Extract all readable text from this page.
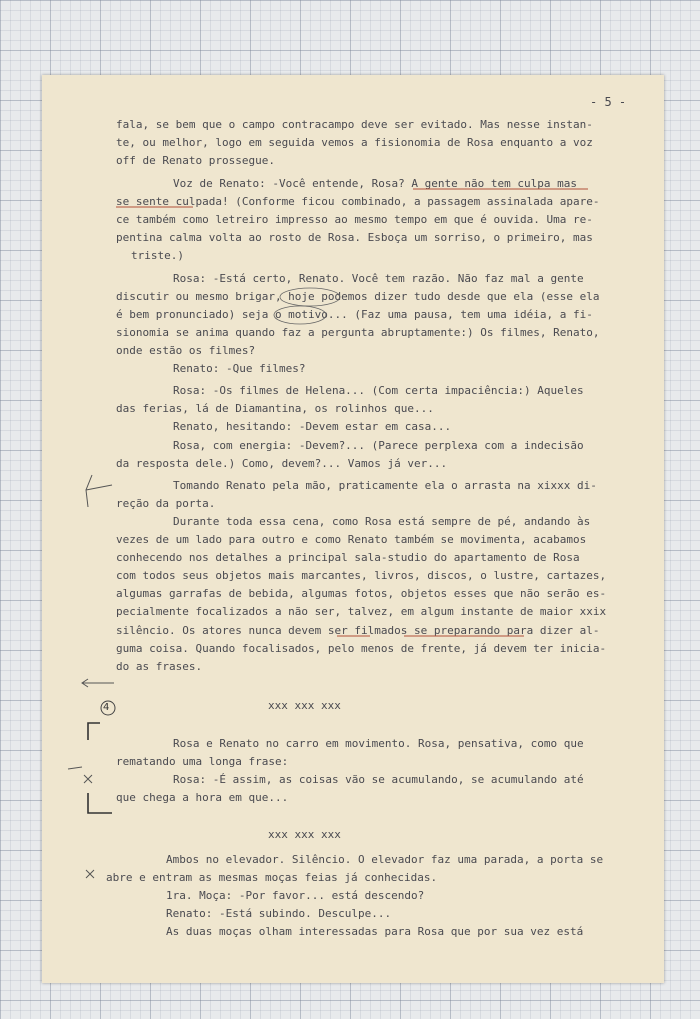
- 5 -
fala, se bem que o campo contracampo deve ser evitado. Mas nesse instan-
te, ou melhor, logo em seguida vemos a fisionomia de Rosa enquanto a voz
off de Renato prossegue.
Voz de Renato: -Você entende, Rosa? A gente não tem culpa mas
se sente culpada! (Conforme ficou combinado, a passagem assinalada apare-
ce também como letreiro impresso ao mesmo tempo em que é ouvida. Uma re-
pentina calma volta ao rosto de Rosa. Esboça um sorriso, o primeiro, mas
triste.)
Rosa: -Está certo, Renato. Você tem razão. Não faz mal a gente
discutir ou mesmo brigar, hoje podemos dizer tudo desde que ela (esse ela
é bem pronunciado) seja o motivo... (Faz uma pausa, tem uma idéia, a fi-
sionomia se anima quando faz a pergunta abruptamente:) Os filmes, Renato,
onde estão os filmes?
Renato: -Que filmes?
Rosa: -Os filmes de Helena... (Com certa impaciência:) Aqueles
das ferias, lá de Diamantina, os rolinhos que...
Renato, hesitando: -Devem estar em casa...
Rosa, com energia: -Devem?... (Parece perplexa com a indecisão
da resposta dele.) Como, devem?... Vamos já ver...
Tomando Renato pela mão, praticamente ela o arrasta na xixxx di-
reção da porta.
Durante toda essa cena, como Rosa está sempre de pé, andando às
vezes de um lado para outro e como Renato também se movimenta, acabamos
conhecendo nos detalhes a principal sala-studio do apartamento de Rosa
com todos seus objetos mais marcantes, livros, discos, o lustre, cartazes,
algumas garrafas de bebida, algumas fotos, objetos esses que não serão es-
pecialmente focalizados a não ser, talvez, em algum instante de maior xxix
silêncio. Os atores nunca devem ser filmados se preparando para dizer al-
guma coisa. Quando focalisados, pelo menos de frente, já devem ter inicia-
do as frases.
xxx xxx xxx
Rosa e Renato no carro em movimento. Rosa, pensativa, como que
rematando uma longa frase:
Rosa: -É assim, as coisas vão se acumulando, se acumulando até
que chega a hora em que...
xxx xxx xxx
Ambos no elevador. Silêncio. O elevador faz uma parada, a porta se
abre e entram as mesmas moças feias já conhecidas.
1ra. Moça: -Por favor... está descendo?
Renato: -Está subindo. Desculpe...
As duas moças olham interessadas para Rosa que por sua vez está
4
